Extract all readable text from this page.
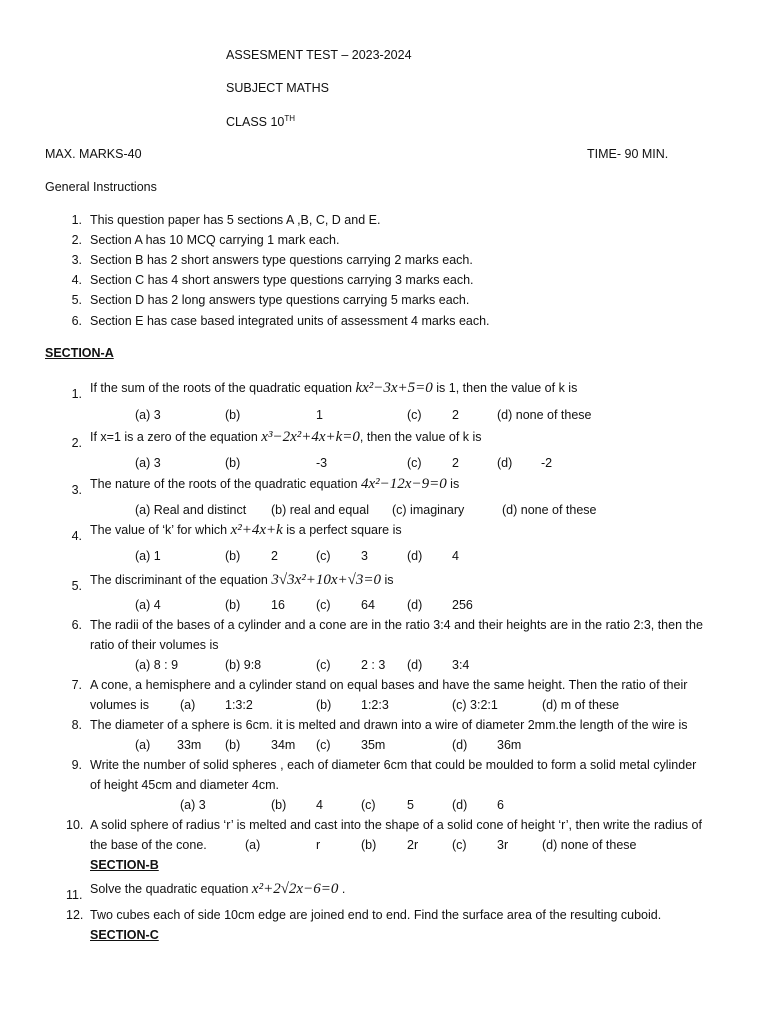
ASSESMENT TEST – 2023-2024
SUBJECT MATHS
CLASS 10TH
MAX. MARKS-40	TIME- 90 MIN.
General Instructions
1. This question paper has 5 sections A ,B, C, D and E.
2. Section A has 10 MCQ carrying 1 mark each.
3. Section B has 2 short answers type questions carrying 2 marks each.
4. Section C has 4 short answers type questions carrying 3 marks each.
5. Section D has 2 long answers type questions carrying 5 marks each.
6. Section E has case based integrated units of assessment 4 marks each.
SECTION-A
1. If the sum of the roots of the quadratic equation kx²−3x+5=0 is 1, then the value of k is
(a) 3	(b)	1	(c) 2	(d) none of these
2. If x=1 is a zero of the equation x³−2x²+4x+k=0, then the value of k is
(a) 3	(b)	-3	(c) 2	(d) -2
3. The nature of the roots of the quadratic equation 4x²−12x−9=0 is
(a) Real and distinct (b) real and equal (c) imaginary	(d) none of these
4. The value of ‘k’ for which x²+4x+k is a perfect square is
(a) 1	(b) 2	(c) 3	(d) 4
5. The discriminant of the equation 3√3x²+10x+√3=0 is
(a) 4	(b) 16 (c) 64	(d) 256
6. The radii of the bases of a cylinder and a cone are in the ratio 3:4 and their heights are in the ratio 2:3, then the
ratio of their volumes is
(a) 8 : 9	(b) 9:8	(c) 2 : 3 (d) 3:4
7. A cone, a hemisphere and a cylinder stand on equal bases and have the same height. Then the ratio of their
volumes is (a) 1:3:2	(b) 1:2:3	(c) 3:2:1	(d) m of these
8. The diameter of a sphere is 6cm. it is melted and drawn into a wire of diameter 2mm.the length of the wire is
(a) 33m (b) 34m (c) 35m	(d) 36m
9. Write the number of solid spheres , each of diameter 6cm that could be moulded to form a solid metal cylinder
of height 45cm and diameter 4cm.
(a) 3	(b) 4	(c)	5	(d) 6
10. A solid sphere of radius ‘r’ is melted and cast into the shape of a solid cone of height ‘r’, then write the radius of
the base of the cone.	(a)	r	(b) 2r	(c) 3r	(d) none of these
SECTION-B
11. Solve the quadratic equation x²+2√2x−6=0 .
12. Two cubes each of side 10cm edge are joined end to end. Find the surface area of the resulting cuboid.
SECTION-C
